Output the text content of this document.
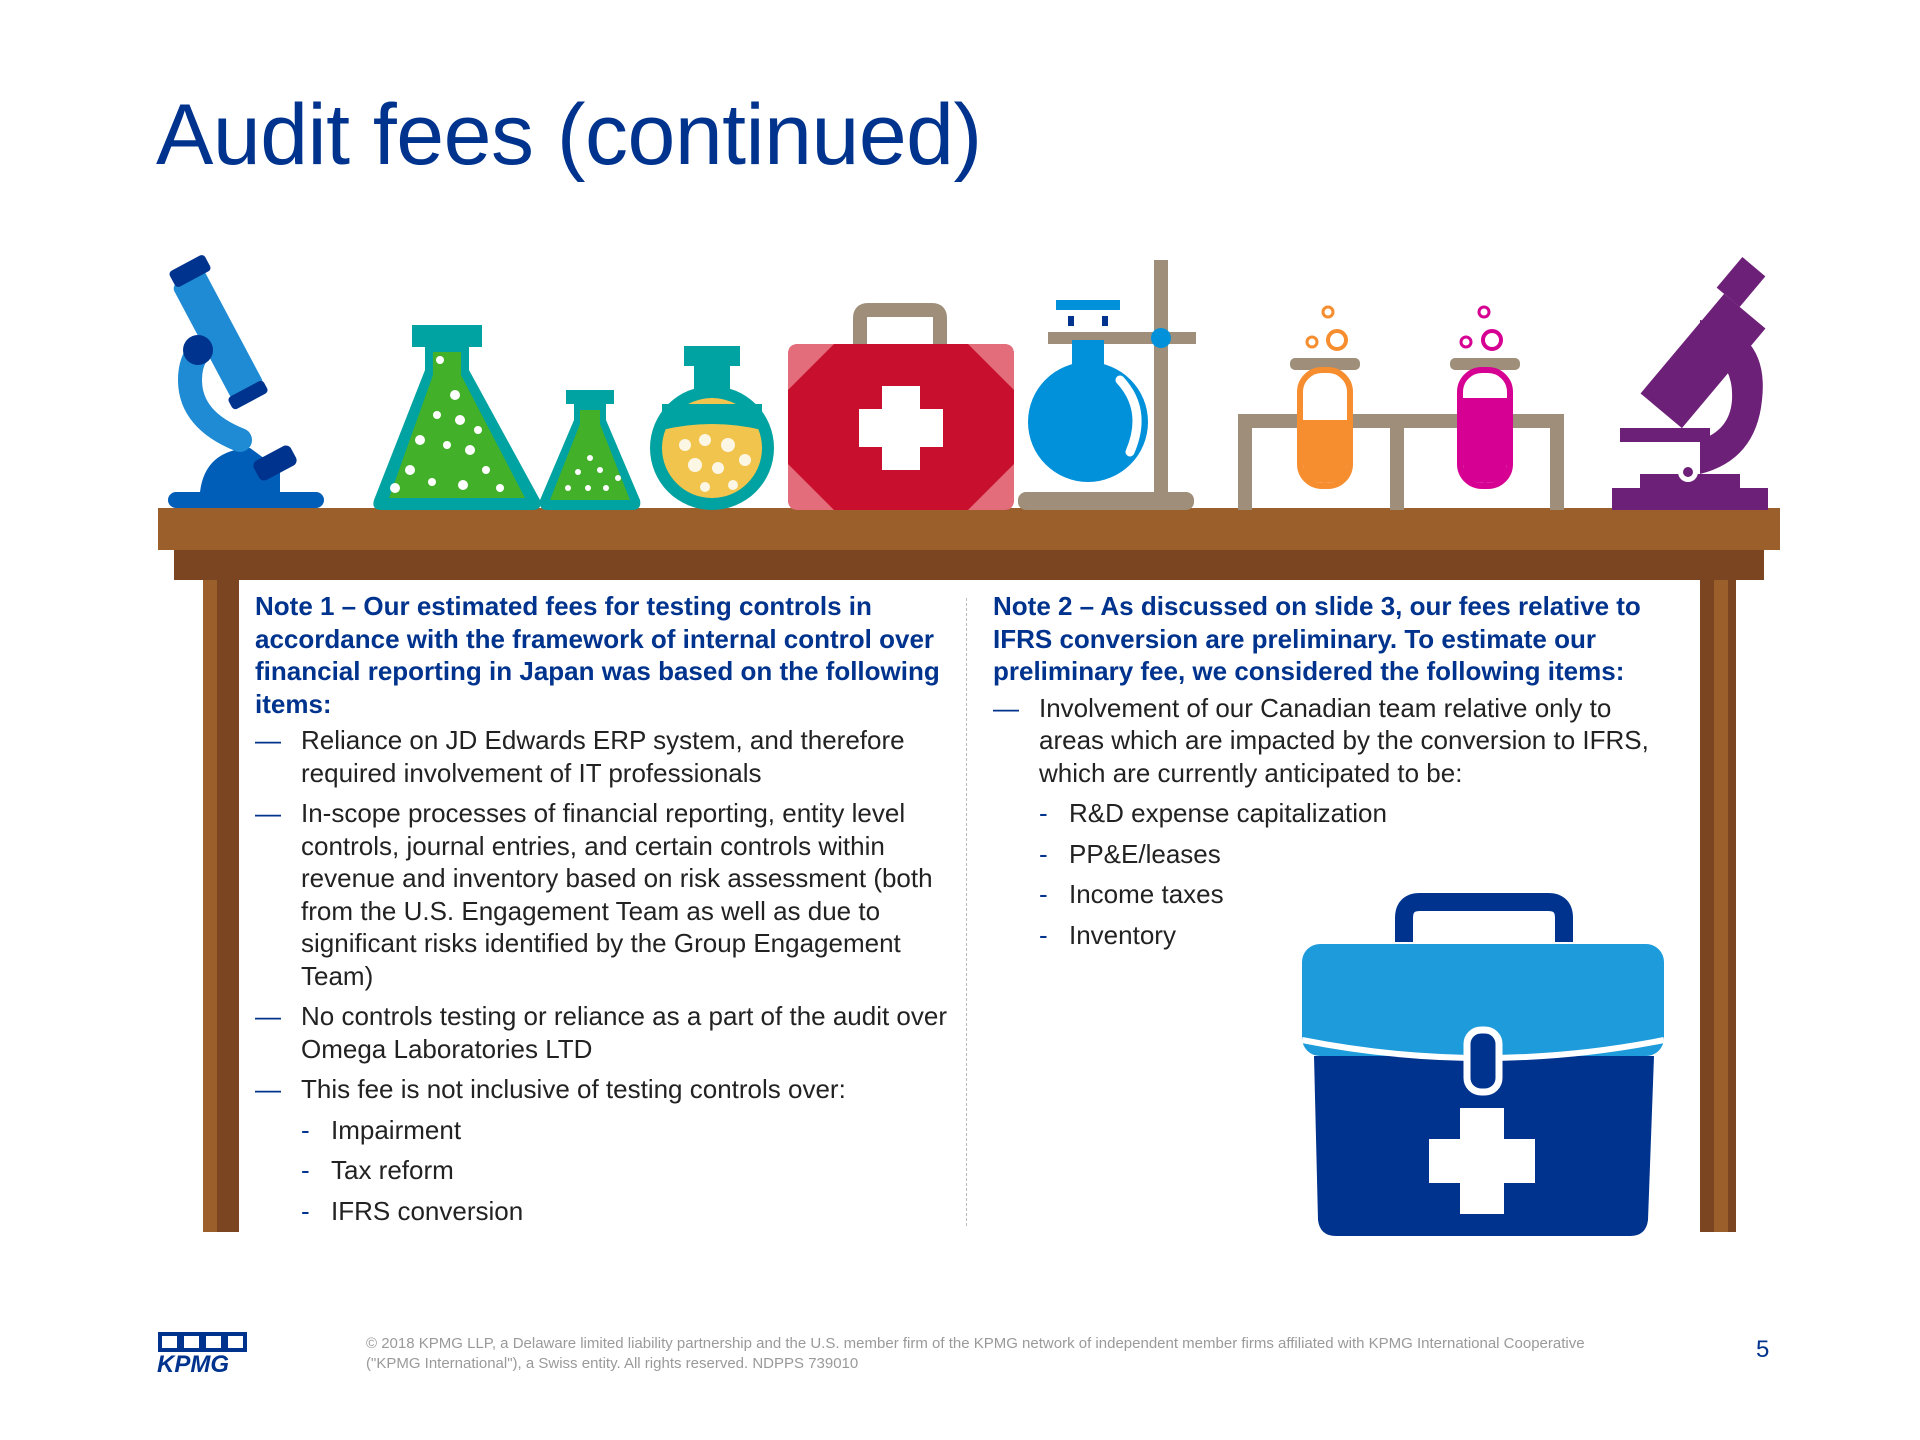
Audit fees (continued)

Note 1 – Our estimated fees for testing controls in accordance with the framework of internal control over financial reporting in Japan was based on the following items:

— Reliance on JD Edwards ERP system, and therefore required involvement of IT professionals
— In-scope processes of financial reporting, entity level controls, journal entries, and certain controls within revenue and inventory based on risk assessment (both from the U.S. Engagement Team as well as due to significant risks identified by the Group Engagement Team)
— No controls testing or reliance as a part of the audit over Omega Laboratories LTD
— This fee is not inclusive of testing controls over:
- Impairment
- Tax reform
- IFRS conversion

Note 2 – As discussed on slide 3, our fees relative to IFRS conversion are preliminary. To estimate our preliminary fee, we considered the following items:

— Involvement of our Canadian team relative only to areas which are impacted by the conversion to IFRS, which are currently anticipated to be:
- R&D expense capitalization
- PP&E/leases
- Income taxes
- Inventory
KPMG
© 2018 KPMG LLP, a Delaware limited liability partnership and the U.S. member firm of the KPMG network of independent member firms affiliated with KPMG International Cooperative ("KPMG International"), a Swiss entity. All rights reserved. NDPPS 739010
5
